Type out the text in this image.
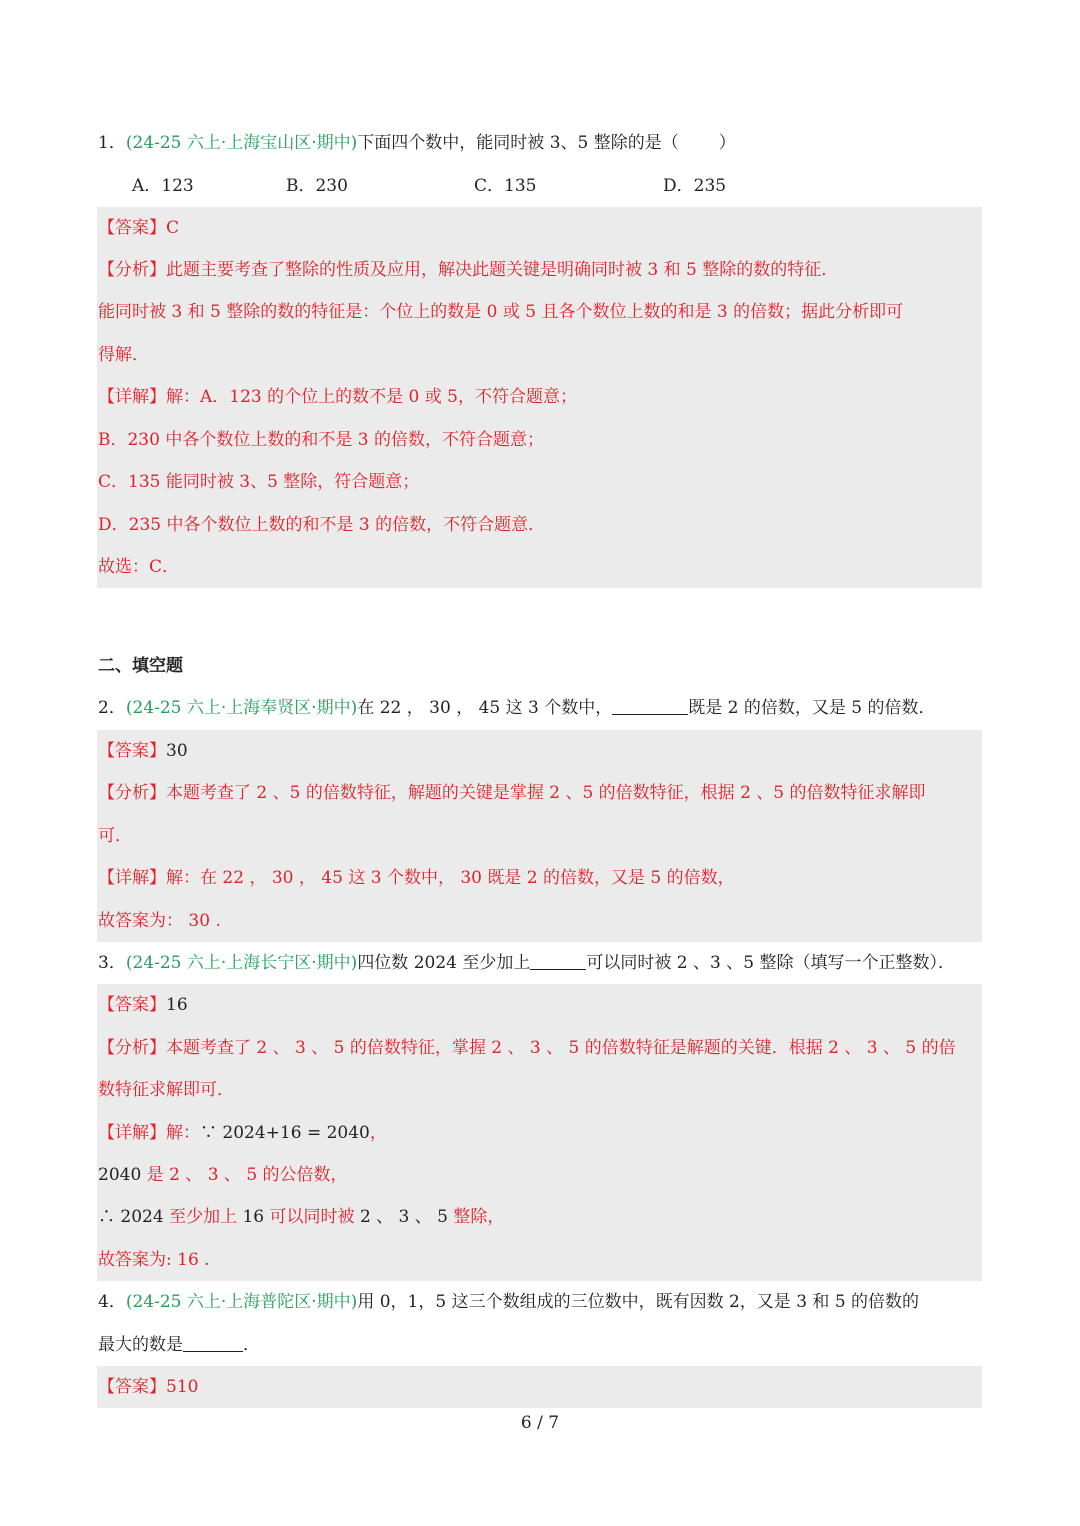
1．(24-25 六上·上海宝山区·期中)下面四个数中，能同时被 3、5 整除的是（ ）
A．123	B．230	C．135	D．235
【答案】C
【分析】此题主要考查了整除的性质及应用，解决此题关键是明确同时被 3 和 5 整除的数的特征．
能同时被 3 和 5 整除的数的特征是：个位上的数是 0 或 5 且各个数位上数的和是 3 的倍数；据此分析即可
得解．
【详解】解：A．123 的个位上的数不是 0 或 5，不符合题意；
B．230 中各个数位上数的和不是 3 的倍数，不符合题意；
C．135 能同时被 3、5 整除，符合题意；
D．235 中各个数位上数的和不是 3 的倍数，不符合题意．
故选：C．
二、填空题
2．(24-25 六上·上海奉贤区·期中)在 22 ， 30 ， 45 这 3 个数中，	既是 2 的倍数，又是 5 的倍数．
【答案】30
【分析】本题考查了 2 、5 的倍数特征，解题的关键是掌握 2 、5 的倍数特征，根据 2 、5 的倍数特征求解即
可．
【详解】解：在 22 ， 30 ， 45 这 3 个数中， 30 既是 2 的倍数，又是 5 的倍数，
故答案为： 30 .
3．(24-25 六上·上海长宁区·期中)四位数 2024 至少加上	可以同时被 2 、3 、5 整除（填写一个正整数）．
【答案】16
【分析】本题考查了 2 、 3 、 5 的倍数特征，掌握 2 、 3 、 5 的倍数特征是解题的关键．根据 2 、 3 、 5 的倍
数特征求解即可．
【详解】解：∵ 2024+16 = 2040，
2040 是 2 、 3 、 5 的公倍数，
∴ 2024 至少加上 16 可以同时被 2 、 3 、 5 整除，
故答案为: 16 .
4．(24-25 六上·上海普陀区·期中)用 0，1，5 这三个数组成的三位数中，既有因数 2，又是 3 和 5 的倍数的
最大的数是	．
【答案】510
6 / 7
